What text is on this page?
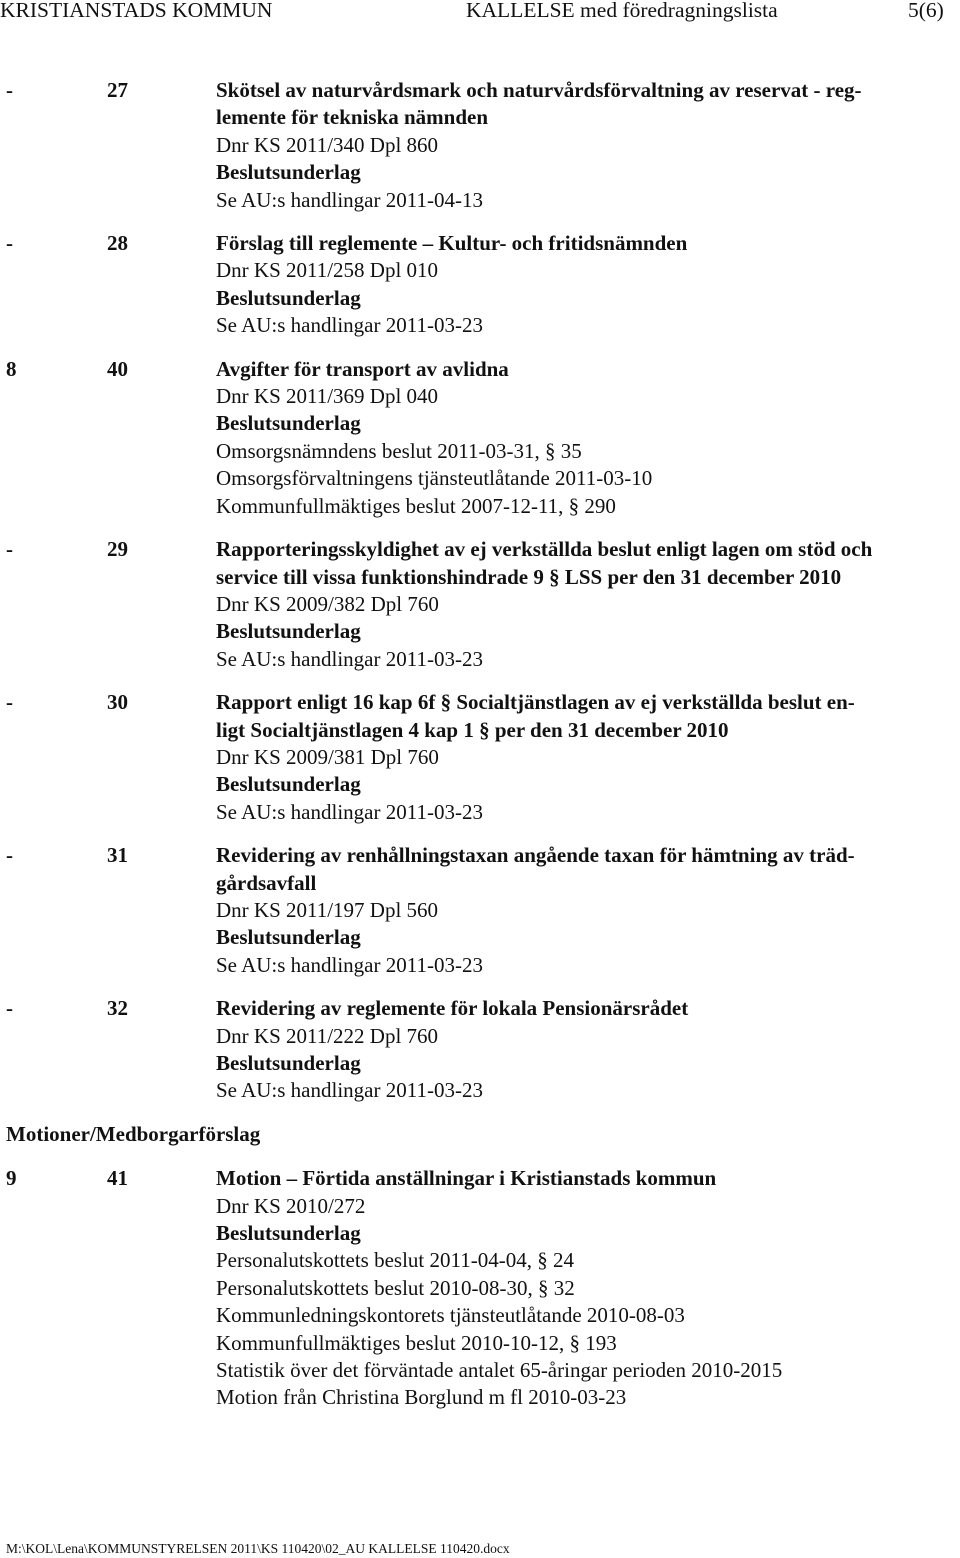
KRISTIANSTADS KOMMUN	KALLELSE med föredragningslista	5(6)
-	27	Skötsel av naturvårdsmark och naturvårdsförvaltning av reservat - reg-
lemente för tekniska nämnden
Dnr KS 2011/340 Dpl 860
Beslutsunderlag
Se AU:s handlingar 2011-04-13
-	28	Förslag till reglemente – Kultur- och fritidsnämnden
Dnr KS 2011/258 Dpl 010
Beslutsunderlag
Se AU:s handlingar 2011-03-23
8	40	Avgifter för transport av avlidna
Dnr KS 2011/369 Dpl 040
Beslutsunderlag
Omsorgsnämndens beslut 2011-03-31, § 35
Omsorgsförvaltningens tjänsteutlåtande 2011-03-10
Kommunfullmäktiges beslut 2007-12-11, § 290
-	29	Rapporteringsskyldighet av ej verkställda beslut enligt lagen om stöd och
service till vissa funktionshindrade 9 § LSS per den 31 december 2010
Dnr KS 2009/382 Dpl 760
Beslutsunderlag
Se AU:s handlingar 2011-03-23
-	30	Rapport enligt 16 kap 6f § Socialtjänstlagen av ej verkställda beslut en-
ligt Socialtjänstlagen 4 kap 1 § per den 31 december 2010
Dnr KS 2009/381 Dpl 760
Beslutsunderlag
Se AU:s handlingar 2011-03-23
-	31	Revidering av renhållningstaxan angående taxan för hämtning av träd-
gårdsavfall
Dnr KS 2011/197 Dpl 560
Beslutsunderlag
Se AU:s handlingar 2011-03-23
-	32	Revidering av reglemente för lokala Pensionärsrådet
Dnr KS 2011/222 Dpl 760
Beslutsunderlag
Se AU:s handlingar 2011-03-23
Motioner/Medborgarförslag
9	41	Motion – Förtida anställningar i Kristianstads kommun
Dnr KS 2010/272
Beslutsunderlag
Personalutskottets beslut 2011-04-04, § 24
Personalutskottets beslut 2010-08-30, § 32
Kommunledningskontorets tjänsteutlåtande 2010-08-03
Kommunfullmäktiges beslut 2010-10-12, § 193
Statistik över det förväntade antalet 65-åringar perioden 2010-2015
Motion från Christina Borglund m fl 2010-03-23
M:\KOL\Lena\KOMMUNSTYRELSEN 2011\KS 110420\02_AU KALLELSE 110420.docx
